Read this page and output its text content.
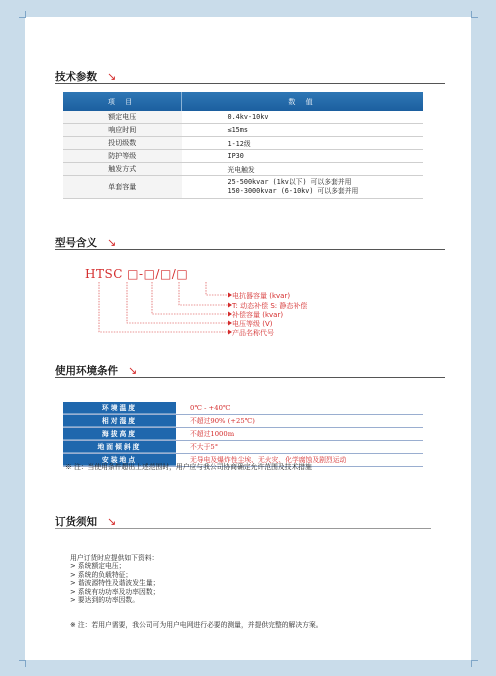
技术参数 ↘
项 目	数 值
额定电压	0.4kv-10kv
响应时间	≤15ms
投切级数	1-12级
防护等级	IP30
触发方式	光电触发
单套容量	25-500kvar (1kv以下) 可以多套并用
150-3000kvar (6-10kv) 可以多套并用
型号含义 ↘
HTSC □-□/□/□
电抗器容量 (kvar)
T: 动态补偿 S: 静态补偿
补偿容量 (kvar)
电压等级 (V)
产品名称代号
使用环境条件 ↘
环境温度	0℃ - +40℃
相对湿度	不超过90% (+25℃)
海拔高度	不超过1000m
地面倾斜度	不大于5°
安装地点	无导电及爆炸性尘埃、无火灾、化学腐蚀及剧烈运动
※ 注：当使用条件超出上述范围时，用户应与我公司协商确定允许范围及技术措施
订货须知 ↘
用户订货时应提供如下资料：
> 系统额定电压；
> 系统的负载特征；
> 谐波源特性及谐波发生量；
> 系统有功功率及功率因数；
> 要达到的功率因数。
※ 注：若用户需要，我公司可为用户电网进行必要的测量，并提供完整的解决方案。
